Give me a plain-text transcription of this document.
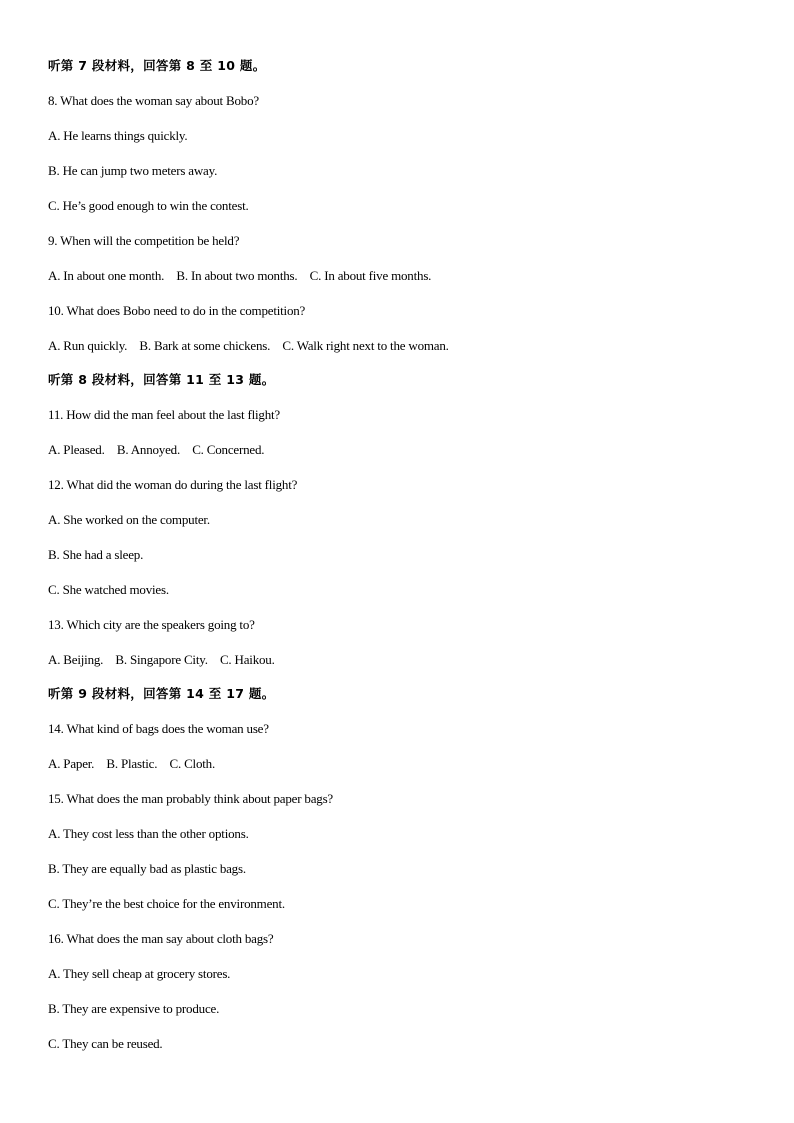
听第 7 段材料，回答第 8 至 10 题。
8. What does the woman say about Bobo?
A. He learns things quickly.
B. He can jump two meters away.
C. He’s good enough to win the contest.
9. When will the competition be held?
A. In about one month.    B. In about two months.    C. In about five months.
10. What does Bobo need to do in the competition?
A. Run quickly.    B. Bark at some chickens.    C. Walk right next to the woman.
听第 8 段材料，回答第 11 至 13 题。
11. How did the man feel about the last flight?
A. Pleased.    B. Annoyed.    C. Concerned.
12. What did the woman do during the last flight?
A. She worked on the computer.
B. She had a sleep.
C. She watched movies.
13. Which city are the speakers going to?
A. Beijing.    B. Singapore City.    C. Haikou.
听第 9 段材料，回答第 14 至 17 题。
14. What kind of bags does the woman use?
A. Paper.    B. Plastic.    C. Cloth.
15. What does the man probably think about paper bags?
A. They cost less than the other options.
B. They are equally bad as plastic bags.
C. They’re the best choice for the environment.
16. What does the man say about cloth bags?
A. They sell cheap at grocery stores.
B. They are expensive to produce.
C. They can be reused.
